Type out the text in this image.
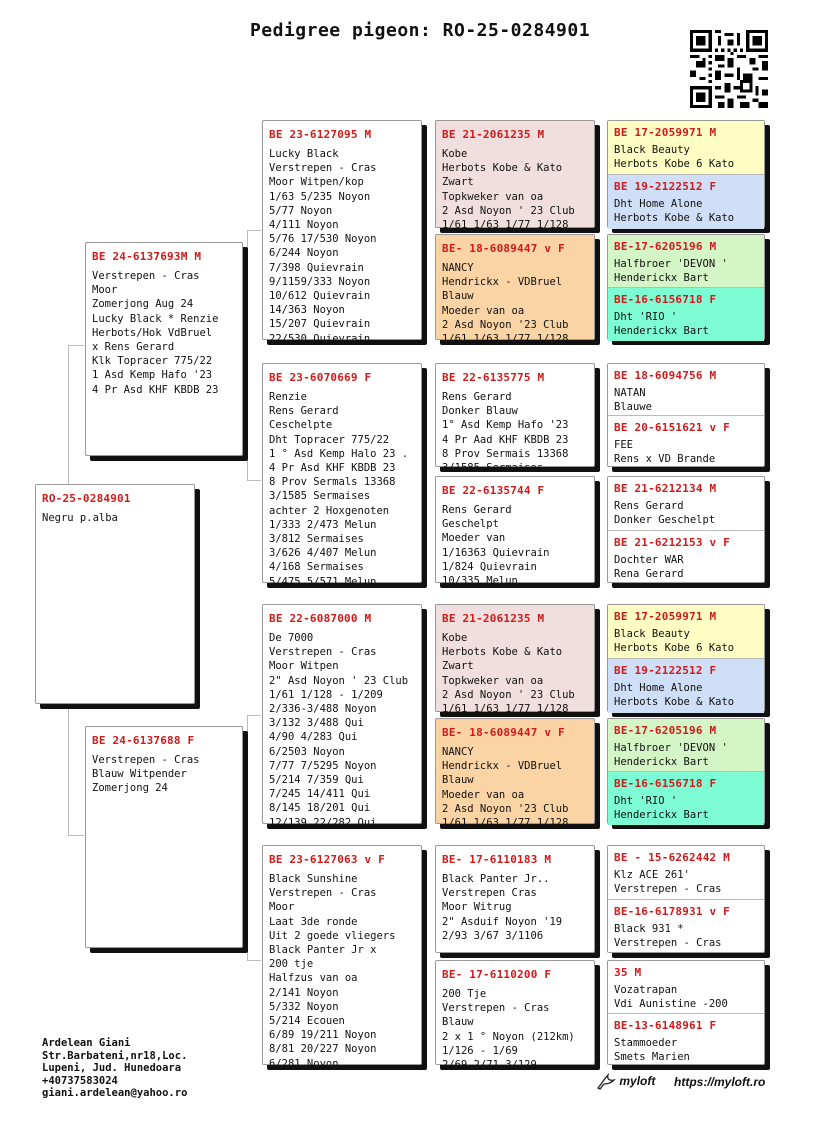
Pedigree pigeon: RO-25-0284901
RO-25-0284901
Negru p.alba
BE 24-6137693M M
Verstrepen - Cras
Moor
Zomerjong Aug 24
Lucky Black * Renzie
Herbots/Hok VdBruel
x Rens Gerard
Klk Topracer 775/22
1 Asd Kemp Hafo '23
4 Pr Asd KHF KBDB 23
BE 24-6137688 F
Verstrepen - Cras
Blauw Witpender
Zomerjong 24
BE 23-6127095 M
Lucky Black
Verstrepen - Cras
Moor Witpen/kop
1/63 5/235 Noyon
5/77 Noyon
4/111 Noyon
5/76 17/530 Noyon
6/244 Noyon
7/398 Quievrain
9/1159/333 Noyon
10/612 Quievrain
14/363 Noyon
15/207 Quievrain
22/530 Quievrain
BE 23-6070669 F
Renzie
Rens Gerard
Ceschelpte
Dht Topracer 775/22
1 ° Asd Kemp Halo 23 .
4 Pr Asd KHF KBDB 23
8 Prov Sermals 13368
3/1585 Sermaises
achter 2 Hoxgenoten
1/333 2/473 Melun
3/812 Sermaises
3/626 4/407 Melun
4/168 Sermaises
5/475 5/571 Melun
BE 22-6087000 M
De 7000
Verstrepen - Cras
Moor Witpen
2" Asd Noyon ' 23 Club
1/61 1/128 - 1/209
2/336-3/488 Noyon
3/132 3/488 Qui
4/90 4/283 Qui
6/2503 Noyon
7/77 7/5295 Noyon
5/214 7/359 Qui
7/245 14/411 Qui
8/145 18/201 Qui
12/139 22/282 Qui
BE 23-6127063 v F
Black Sunshine
Verstrepen - Cras
Moor
Laat 3de ronde
Uit 2 goede vliegers
Black Panter Jr x
200 tje
Halfzus van oa
2/141 Noyon
5/332 Noyon
5/214 Ecouen
6/89 19/211 Noyon
8/81 20/227 Noyon
6/281 Noyon
BE 21-2061235 M
Kobe
Herbots Kobe & Kato
Zwart
Topkweker van oa
2 Asd Noyon ' 23 Club
1/61 1/63 1/77 1/128
BE- 18-6089447 v F
NANCY
Hendrickx - VDBruel
Blauw
Moeder van oa
2 Asd Noyon '23 Club
1/61 1/63 1/77 1/128
BE 22-6135775 M
Rens Gerard
Donker Blauw
1° Asd Kemp Hafo '23
4 Pr Aad KHF KBDB 23
8 Prov Sermais 13368
3/1585 Sermaises
BE 22-6135744 F
Rens Gerard
Geschelpt
Moeder van
1/16363 Quievrain
1/824 Quievrain
10/335 Melun
BE 21-2061235 M
Kobe
Herbots Kobe & Kato
Zwart
Topkweker van oa
2 Asd Noyon ' 23 Club
1/61 1/63 1/77 1/128
BE- 18-6089447 v F
NANCY
Hendrickx - VDBruel
Blauw
Moeder van oa
2 Asd Noyon '23 Club
1/61 1/63 1/77 1/128
BE- 17-6110183 M
Black Panter Jr..
Verstrepen Cras
Moor Witrug
2" Asduif Noyon '19
2/93 3/67 3/1106
BE- 17-6110200 F
200 Tje
Verstrepen - Cras
Blauw
2 x 1 ° Noyon (212km)
1/126 - 1/69
2/69 2/71 3/129
BE 17-2059971 M
Black Beauty
Herbots Kobe 6 Kato
BE 19-2122512 F
Dht Home Alone
Herbots Kobe & Kato
BE-17-6205196 M
Halfbroer 'DEVON '
Henderickx Bart
BE-16-6156718 F
Dht 'RIO '
Henderickx Bart
BE 18-6094756 M
NATAN
Blauwe
BE 20-6151621 v F
FEE
Rens x VD Brande
BE 21-6212134 M
Rens Gerard
Donker Geschelpt
BE 21-6212153 v F
Dochter WAR
Rena Gerard
BE 17-2059971 M
Black Beauty
Herbots Kobe 6 Kato
BE 19-2122512 F
Dht Home Alone
Herbots Kobe & Kato
BE-17-6205196 M
Halfbroer 'DEVON '
Henderickx Bart
BE-16-6156718 F
Dht 'RIO '
Henderickx Bart
BE - 15-6262442 M
Klz ACE 261'
Verstrepen - Cras
BE-16-6178931 v F
Black 931 *
Verstrepen - Cras
35 M
Vozatrapan
Vdi Aunistine -200
BE-13-6148961 F
Stammoeder
Smets Marien
Ardelean Giani
Str.Barbateni,nr18,Loc.
Lupeni, Jud. Hunedoara
+40737583024
giani.ardelean@yahoo.ro
myloft https://myloft.ro
